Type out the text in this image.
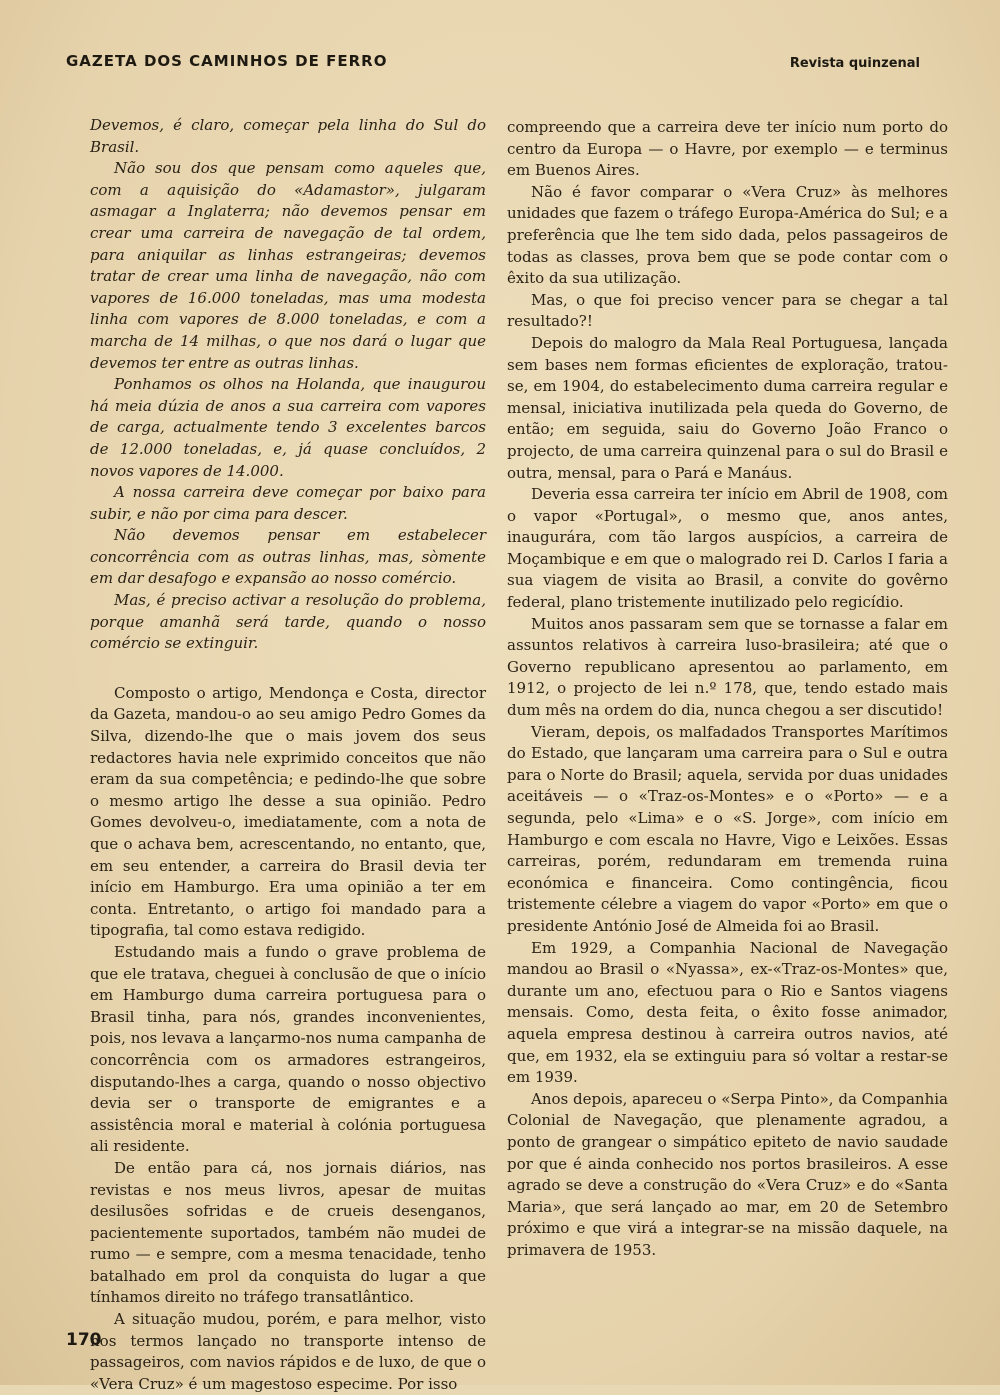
GAZETA DOS CAMINHOS DE FERRO	Revista quinzenal

Devemos, é claro, começar pela linha do Sul do Brasil.

Não sou dos que pensam como aqueles que, com a aquisição do «Adamastor», julgaram asmagar a Inglaterra; não devemos pensar em crear uma carreira de navegação de tal ordem, para aniquilar as linhas estrangeiras; devemos tratar de crear uma linha de navegação, não com vapores de 16.000 toneladas, mas uma modesta linha com vapores de 8.000 toneladas, e com a marcha de 14 milhas, o que nos dará o lugar que devemos ter entre as outras linhas.

Ponhamos os olhos na Holanda, que inaugurou há meia dúzia de anos a sua carreira com vapores de carga, actualmente tendo 3 excelentes barcos de 12.000 toneladas, e, já quase concluídos, 2 novos vapores de 14.000.

A nossa carreira deve começar por baixo para subir, e não por cima para descer.

Não devemos pensar em estabelecer concorrência com as outras linhas, mas, sòmente em dar desafogo e expansão ao nosso comércio.

Mas, é preciso activar a resolução do problema, porque amanhã será tarde, quando o nosso comércio se extinguir.

Composto o artigo, Mendonça e Costa, director da Gazeta, mandou-o ao seu amigo Pedro Gomes da Silva, dizendo-lhe que o mais jovem dos seus redactores havia nele exprimido conceitos que não eram da sua competência; e pedindo-lhe que sobre o mesmo artigo lhe desse a sua opinião. Pedro Gomes devolveu-o, imediatamente, com a nota de que o achava bem, acrescentando, no entanto, que, em seu entender, a carreira do Brasil devia ter início em Hamburgo. Era uma opinião a ter em conta. Entretanto, o artigo foi mandado para a tipografia, tal como estava redigido.

Estudando mais a fundo o grave problema de que ele tratava, cheguei à conclusão de que o início em Hamburgo duma carreira portuguesa para o Brasil tinha, para nós, grandes inconvenientes, pois, nos levava a lançarmo-nos numa campanha de concorrência com os armadores estrangeiros, disputando-lhes a carga, quando o nosso objectivo devia ser o transporte de emigrantes e a assistência moral e material à colónia portuguesa ali residente.

De então para cá, nos jornais diários, nas revistas e nos meus livros, apesar de muitas desilusões sofridas e de crueis desenganos, pacientemente suportados, também não mudei de rumo — e sempre, com a mesma tenacidade, tenho batalhado em prol da conquista do lugar a que tínhamos direito no tráfego transatlântico.

A situação mudou, porém, e para melhor, visto nos termos lançado no transporte intenso de passageiros, com navios rápidos e de luxo, de que o «Vera Cruz» é um magestoso especime. Por isso

compreendo que a carreira deve ter início num porto do centro da Europa — o Havre, por exemplo — e terminus em Buenos Aires.

Não é favor comparar o «Vera Cruz» às melhores unidades que fazem o tráfego Europa-América do Sul; e a preferência que lhe tem sido dada, pelos passageiros de todas as classes, prova bem que se pode contar com o êxito da sua utilização.

Mas, o que foi preciso vencer para se chegar a tal resultado?!

Depois do malogro da Mala Real Portuguesa, lançada sem bases nem formas eficientes de exploração, tratou-se, em 1904, do estabelecimento duma carreira regular e mensal, iniciativa inutilizada pela queda do Governo, de então; em seguida, saiu do Governo João Franco o projecto, de uma carreira quinzenal para o sul do Brasil e outra, mensal, para o Pará e Manáus.

Deveria essa carreira ter início em Abril de 1908, com o vapor «Portugal», o mesmo que, anos antes, inaugurára, com tão largos auspícios, a carreira de Moçambique e em que o malogrado rei D. Carlos I faria a sua viagem de visita ao Brasil, a convite do govêrno federal, plano tristemente inutilizado pelo regicídio.

Muitos anos passaram sem que se tornasse a falar em assuntos relativos à carreira luso-brasileira; até que o Governo republicano apresentou ao parlamento, em 1912, o projecto de lei n.º 178, que, tendo estado mais dum mês na ordem do dia, nunca chegou a ser discutido!

Vieram, depois, os malfadados Transportes Marítimos do Estado, que lançaram uma carreira para o Sul e outra para o Norte do Brasil; aquela, servida por duas unidades aceitáveis — o «Traz-os-Montes» e o «Porto» — e a segunda, pelo «Lima» e o «S. Jorge», com início em Hamburgo e com escala no Havre, Vigo e Leixões. Essas carreiras, porém, redundaram em tremenda ruina económica e financeira. Como contingência, ficou tristemente célebre a viagem do vapor «Porto» em que o presidente António José de Almeida foi ao Brasil.

Em 1929, a Companhia Nacional de Navegação mandou ao Brasil o «Nyassa», ex-«Traz-os-Montes» que, durante um ano, efectuou para o Rio e Santos viagens mensais. Como, desta feita, o êxito fosse animador, aquela empresa destinou à carreira outros navios, até que, em 1932, ela se extinguiu para só voltar a restar-se em 1939.

Anos depois, apareceu o «Serpa Pinto», da Companhia Colonial de Navegação, que plenamente agradou, a ponto de grangear o simpático epiteto de navio saudade por que é ainda conhecido nos portos brasileiros. A esse agrado se deve a construção do «Vera Cruz» e do «Santa Maria», que será lançado ao mar, em 20 de Setembro próximo e que virá a integrar-se na missão daquele, na primavera de 1953.

170
